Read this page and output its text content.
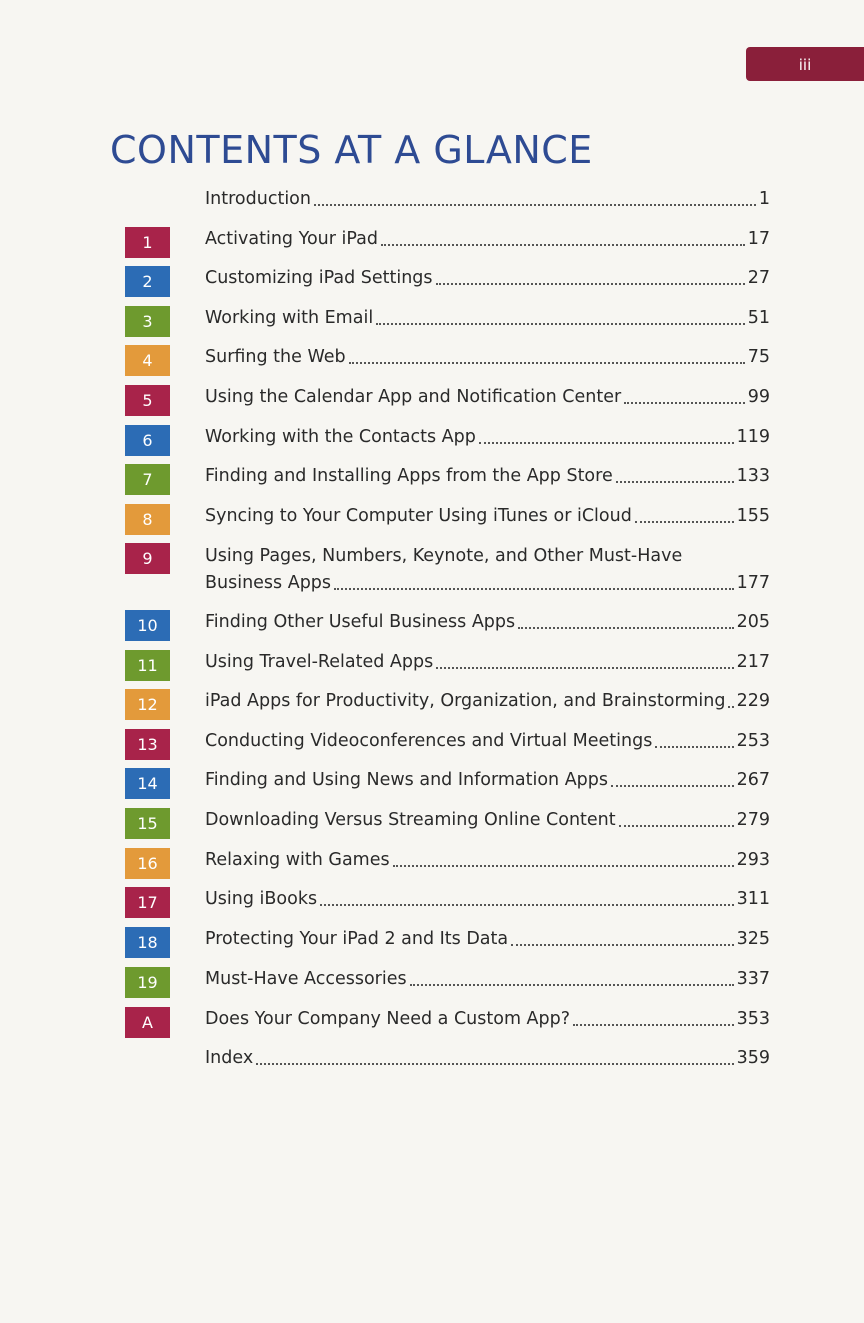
iii
CONTENTS AT A GLANCE
Introduction	1
1	Activating Your iPad	17
2	Customizing iPad Settings	27
3	Working with Email	51
4	Surfing the Web	75
5	Using the Calendar App and Notification Center	99
6	Working with the Contacts App	119
7	Finding and Installing Apps from the App Store	133
8	Syncing to Your Computer Using iTunes or iCloud	155
9	Using Pages, Numbers, Keynote, and Other Must-Have
Business Apps	177
10	Finding Other Useful Business Apps	205
11	Using Travel-Related Apps	217
12	iPad Apps for Productivity, Organization, and Brainstorming 229
13	Conducting Videoconferences and Virtual Meetings	253
14	Finding and Using News and Information Apps	267
15	Downloading Versus Streaming Online Content	279
16	Relaxing with Games	293
17	Using iBooks	311
18	Protecting Your iPad 2 and Its Data	325
19	Must-Have Accessories	337
A	Does Your Company Need a Custom App?	353
Index	359
